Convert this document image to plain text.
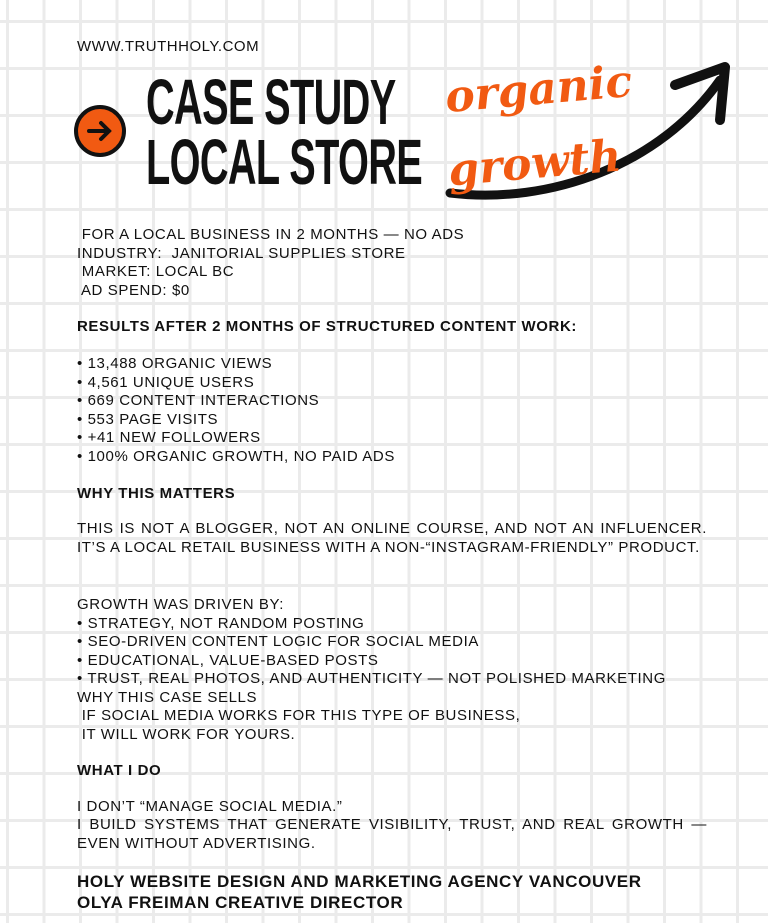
WWW.TRUTHHOLY.COM
CASE STUDY
LOCAL STORE
organic
growth

FOR A LOCAL BUSINESS IN 2 MONTHS — NO ADS

INDUSTRY:  JANITORIAL SUPPLIES STORE

MARKET: LOCAL BC

AD SPEND: $0

RESULTS AFTER 2 MONTHS OF STRUCTURED CONTENT WORK:

• 13,488 ORGANIC VIEWS

• 4,561 UNIQUE USERS

• 669 CONTENT INTERACTIONS

• 553 PAGE VISITS

• +41 NEW FOLLOWERS

• 100% ORGANIC GROWTH, NO PAID ADS

WHY THIS MATTERS
THIS IS NOT A BLOGGER, NOT AN ONLINE COURSE, AND NOT AN INFLUENCER. IT’S A LOCAL RETAIL BUSINESS WITH A NON-“INSTAGRAM-FRIENDLY” PRODUCT.

GROWTH WAS DRIVEN BY:

• STRATEGY, NOT RANDOM POSTING

• SEO-DRIVEN CONTENT LOGIC FOR SOCIAL MEDIA

• EDUCATIONAL, VALUE-BASED POSTS

• TRUST, REAL PHOTOS, AND AUTHENTICITY — NOT POLISHED MARKETING

WHY THIS CASE SELLS

IF SOCIAL MEDIA WORKS FOR THIS TYPE OF BUSINESS,

IT WILL WORK FOR YOURS.

WHAT I DO
I DON’T “MANAGE SOCIAL MEDIA.”
I BUILD SYSTEMS THAT GENERATE VISIBILITY, TRUST, AND REAL GROWTH — EVEN WITHOUT ADVERTISING.

HOLY WEBSITE DESIGN AND MARKETING AGENCY VANCOUVER

OLYA FREIMAN CREATIVE DIRECTOR
